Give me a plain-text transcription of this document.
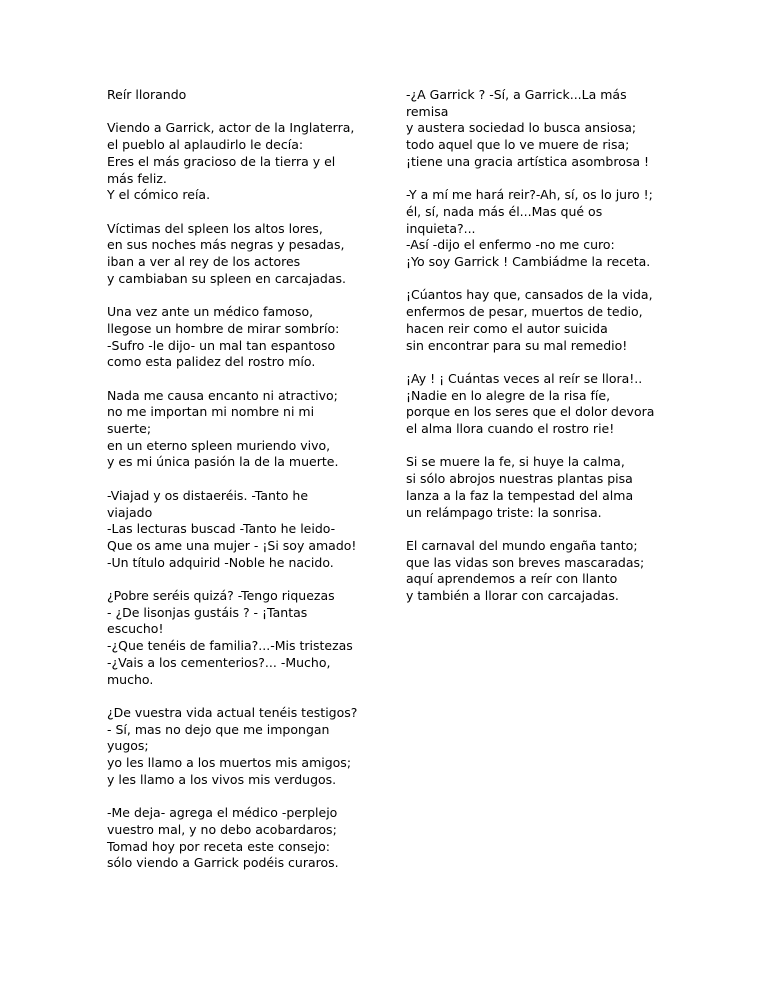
Reír llorando
Viendo a Garrick, actor de la Inglaterra,
el pueblo al aplaudirlo le decía:
Eres el más gracioso de la tierra y el
más feliz.
Y el cómico reía.
Víctimas del spleen los altos lores,
en sus noches más negras y pesadas,
iban a ver al rey de los actores
y cambiaban su spleen en carcajadas.
Una vez ante un médico famoso,
llegose un hombre de mirar sombrío:
-Sufro -le dijo- un mal tan espantoso
como esta palidez del rostro mío.
Nada me causa encanto ni atractivo;
no me importan mi nombre ni mi
suerte;
en un eterno spleen muriendo vivo,
y es mi única pasión la de la muerte.
-Viajad y os distaeréis. -Tanto he
viajado
-Las lecturas buscad -Tanto he leido-
Que os ame una mujer - ¡Si soy amado!
-Un título adquirid -Noble he nacido.
¿Pobre seréis quizá? -Tengo riquezas
- ¿De lisonjas gustáis ? - ¡Tantas
escucho!
-¿Que tenéis de familia?...-Mis tristezas
-¿Vais a los cementerios?... -Mucho,
mucho.
¿De vuestra vida actual tenéis testigos?
- Sí, mas no dejo que me impongan
yugos;
yo les llamo a los muertos mis amigos;
y les llamo a los vivos mis verdugos.
-Me deja- agrega el médico -perplejo
vuestro mal, y no debo acobardaros;
Tomad hoy por receta este consejo:
sólo viendo a Garrick podéis curaros.
-¿A Garrick ? -Sí, a Garrick...La más
remisa
y austera sociedad lo busca ansiosa;
todo aquel que lo ve muere de risa;
¡tiene una gracia artística asombrosa !
-Y a mí me hará reir?-Ah, sí, os lo juro !;
él, sí, nada más él...Mas qué os
inquieta?...
-Así -dijo el enfermo -no me curo:
¡Yo soy Garrick ! Cambiádme la receta.
¡Cúantos hay que, cansados de la vida,
enfermos de pesar, muertos de tedio,
hacen reir como el autor suicida
sin encontrar para su mal remedio!
¡Ay ! ¡ Cuántas veces al reír se llora!..
¡Nadie en lo alegre de la risa fíe,
porque en los seres que el dolor devora
el alma llora cuando el rostro rie!
Si se muere la fe, si huye la calma,
si sólo abrojos nuestras plantas pisa
lanza a la faz la tempestad del alma
un relámpago triste: la sonrisa.
El carnaval del mundo engaña tanto;
que las vidas son breves mascaradas;
aquí aprendemos a reír con llanto
y también a llorar con carcajadas.
